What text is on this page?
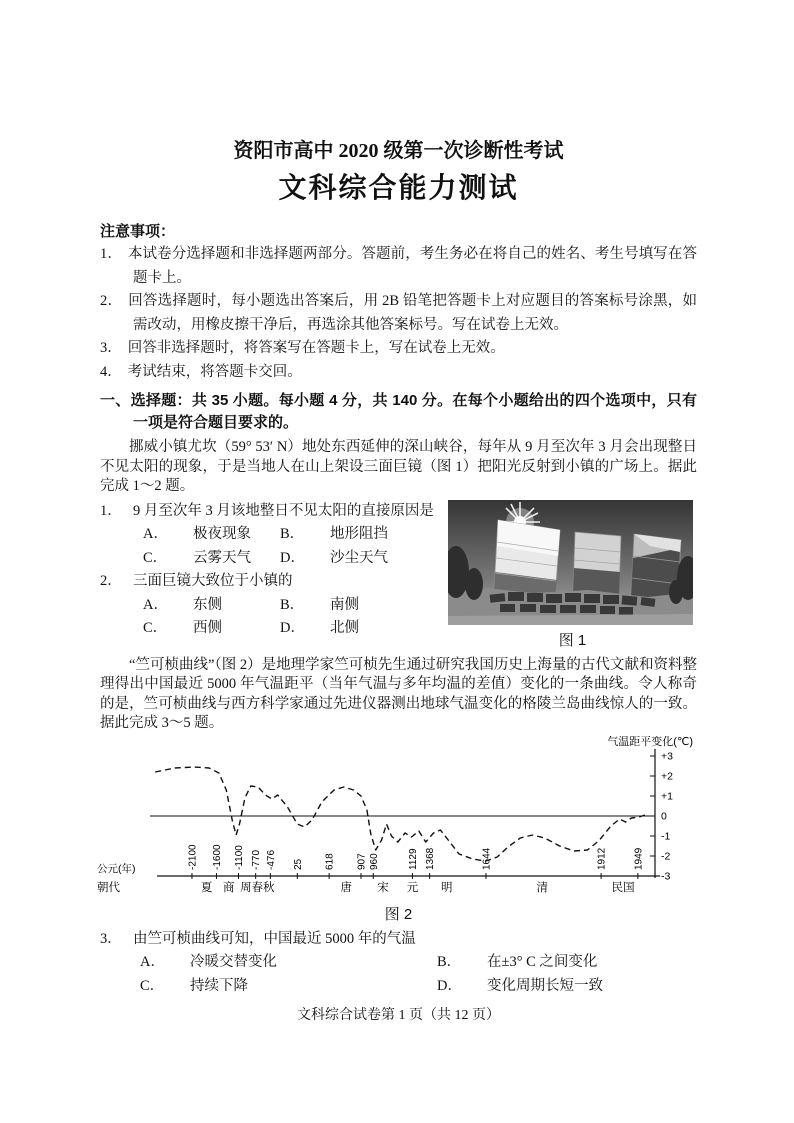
资阳市高中 2020 级第一次诊断性考试
文科综合能力测试
注意事项：
1． 本试卷分选择题和非选择题两部分。答题前，考生务必在将自己的姓名、考生号填写在答题卡上。
2． 回答选择题时，每小题选出答案后，用 2B 铅笔把答题卡上对应题目的答案标号涂黑，如需改动，用橡皮擦干净后，再选涂其他答案标号。写在试卷上无效。
3． 回答非选择题时，将答案写在答题卡上，写在试卷上无效。
4． 考试结束，将答题卡交回。
一、选择题：共 35 小题。每小题 4 分，共 140 分。在每个小题给出的四个选项中，只有一项是符合题目要求的。
挪威小镇尤坎（59° 53′ N）地处东西延伸的深山峡谷，每年从 9 月至次年 3 月会出现整日不见太阳的现象，于是当地人在山上架设三面巨镜（图 1）把阳光反射到小镇的广场上。据此完成 1～2 题。
1． 9 月至次年 3 月该地整日不见太阳的直接原因是
A．	极夜现象 B．	地形阻挡
C．	云雾天气 D．	沙尘天气
2． 三面巨镜大致位于小镇的
A．	东侧	B．	南侧
C．	西侧	D．	北侧
图 1
“竺可桢曲线”（图 2）是地理学家竺可桢先生通过研究我国历史上海量的古代文献和资料整理得出中国最近 5000 年气温距平（当年气温与多年均温的差值）变化的一条曲线。令人称奇的是，竺可桢曲线与西方科学家通过先进仪器测出地球气温变化的格陵兰岛曲线惊人的一致。据此完成 3～5 题。
气温距平变化(℃)
+3
+2
+1
0
-1
-2
-3
公元(年)
朝代
-2100 -1600 -1100 -770 -476 25 618 907 960	1129 1368	1644	1912	1949
夏 商 周 春秋	唐 宋 元 明	清	民国
图 2
3． 由竺可桢曲线可知，中国最近 5000 年的气温
A．	冷暖交替变化	B．	在±3° C 之间变化
C．	持续下降	D．	变化周期长短一致
文科综合试卷第 1 页（共 12 页）
